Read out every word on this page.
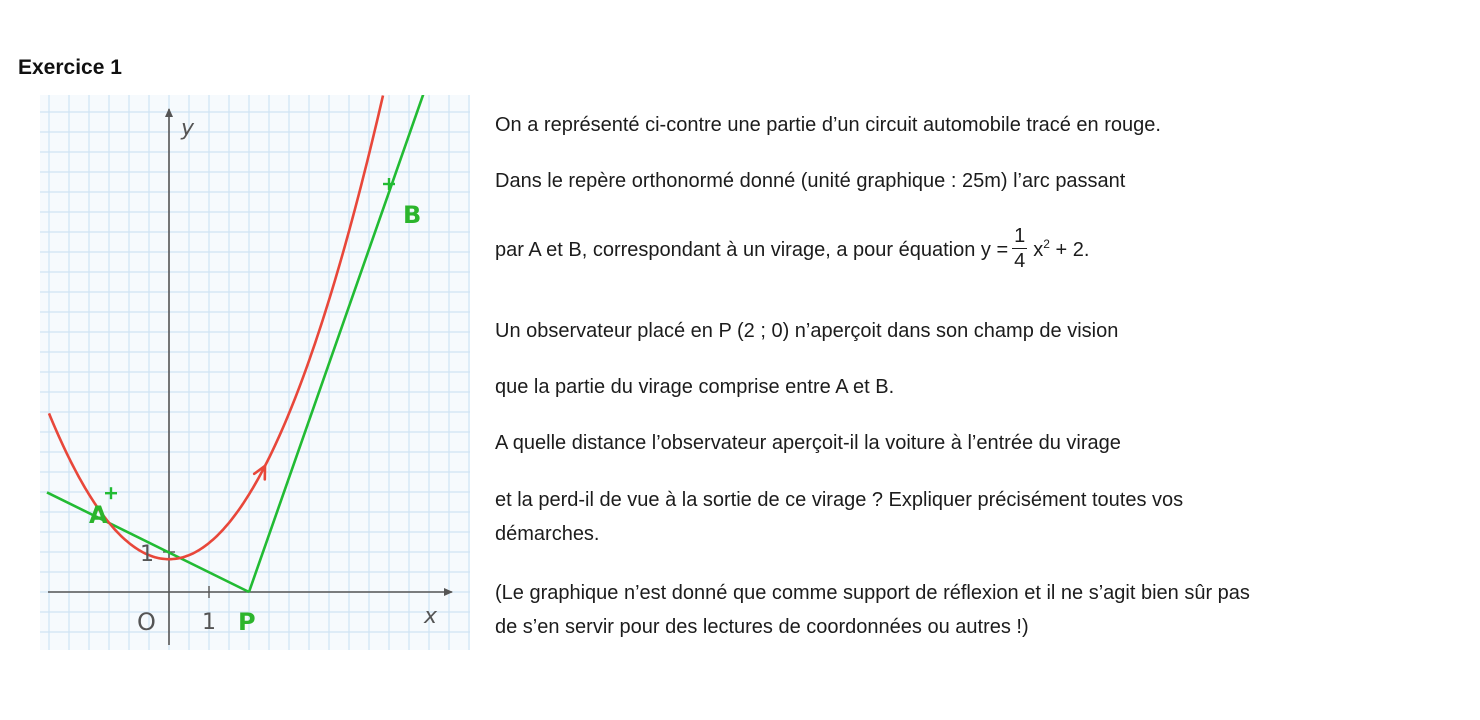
Exercice 1
y
x
O 1
1
A
B
P
On a représenté ci-contre une partie d’un circuit automobile tracé en rouge.
Dans le repère orthonormé donné (unité graphique : 25m) l’arc passant
par A et B, correspondant à un virage, a pour équation $y = \frac{1}{4} x^2 + 2$.
Un observateur placé en P (2 ; 0) n’aperçoit dans son champ de vision
que la partie du virage comprise entre A et B.
A quelle distance l’observateur aperçoit-il la voiture à l’entrée du virage
et la perd-il de vue à la sortie de ce virage ? Expliquer précisément toutes vos
démarches.
(Le graphique n’est donné que comme support de réflexion et il ne s’agit bien sûr pas
de s’en servir pour des lectures de coordonnées ou autres !)
